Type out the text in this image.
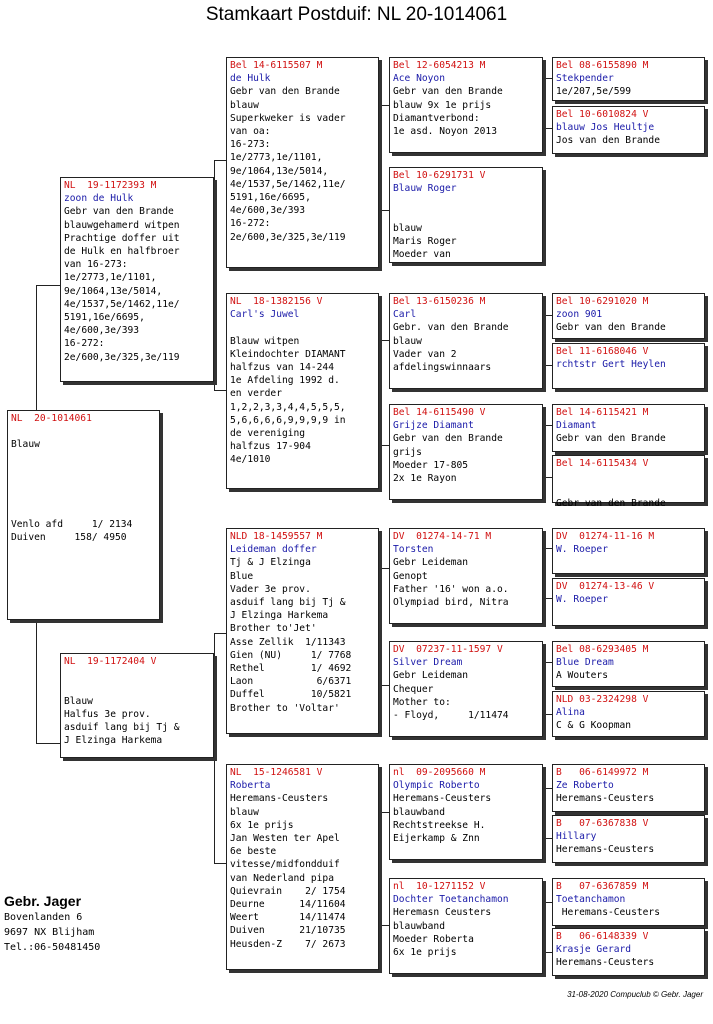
Stamkaart Postduif: NL 20-1014061
NL  20-1014061

Blauw

Venlo afd     1/ 2134
Duiven     158/ 4950
NL  19-1172393 M
zoon de Hulk
Gebr van den Brande
blauwgehamerd witpen
Prachtige doffer uit
de Hulk en halfbroer
van 16-273:
1e/2773,1e/1101,
9e/1064,13e/5014,
4e/1537,5e/1462,11e/
5191,16e/6695,
4e/600,3e/393
16-272:
2e/600,3e/325,3e/119
NL  19-1172404 V

Blauw
Halfus 3e prov.
asduif lang bij Tj &
J Elzinga Harkema
Bel 14-6115507 M
de Hulk
Gebr van den Brande
blauw
Superkweker is vader
van oa:
16-273:
1e/2773,1e/1101,
9e/1064,13e/5014,
4e/1537,5e/1462,11e/
5191,16e/6695,
4e/600,3e/393
16-272:
2e/600,3e/325,3e/119
NL  18-1382156 V
Carl's Juwel

Blauw witpen
Kleindochter DIAMANT
halfzus van 14-244
1e Afdeling 1992 d.
en verder
1,2,2,3,3,4,4,5,5,5,
5,6,6,6,6,9,9,9,9 in
de vereniging
halfzus 17-904
4e/1010
NLD 18-1459557 M
Leideman doffer
Tj & J Elzinga
Blue
Vader 3e prov.
asduif lang bij Tj &
J Elzinga Harkema
Brother to'Jet'
Asse Zellik  1/11343
Gien (NU)     1/ 7768
Rethel        1/ 4692
Laon           6/6371
Duffel        10/5821
Brother to 'Voltar'
NL  15-1246581 V
Roberta
Heremans-Ceusters
blauw
6x 1e prijs
Jan Westen ter Apel
6e beste
vitesse/midfondduif
van Nederland pipa
Quievrain    2/ 1754
Deurne      14/11604
Weert       14/11474
Duiven      21/10735
Heusden-Z    7/ 2673
Bel 12-6054213 M
Ace Noyon
Gebr van den Brande
blauw 9x 1e prijs
Diamantverbond:
1e asd. Noyon 2013
Bel 10-6291731 V
Blauw Roger

blauw
Maris Roger
Moeder van
Bel 13-6150236 M
Carl
Gebr. van den Brande
blauw
Vader van 2
afdelingswinnaars
Bel 14-6115490 V
Grijze Diamant
Gebr van den Brande
grijs
Moeder 17-805
2x 1e Rayon
DV  01274-14-71 M
Torsten
Gebr Leideman
Genopt
Father '16' won a.o.
Olympiad bird, Nitra
DV  07237-11-1597 V
Silver Dream
Gebr Leideman
Chequer
Mother to:
- Floyd,     1/11474
nl  09-2095660 M
Olympic Roberto
Heremans-Ceusters
blauwband
Rechtstreekse H.
Eijerkamp & Znn
nl  10-1271152 V
Dochter Toetanchamon
Heremasn Ceusters
blauwband
Moeder Roberta
6x 1e prijs
Bel 08-6155890 M
Stekpender
1e/207,5e/599
Bel 10-6010824 V
blauw Jos Heultje
Jos van den Brande
Bel 10-6291020 M
zoon 901
Gebr van den Brande
Bel 11-6168046 V
rchtstr Gert Heylen
Bel 14-6115421 M
Diamant
Gebr van den Brande
Bel 14-6115434 V

Gebr van den Brande
DV  01274-11-16 M
W. Roeper
DV  01274-13-46 V
W. Roeper
Bel 08-6293405 M
Blue Dream
A Wouters
NLD 03-2324298 V
Alina
C & G Koopman
B   06-6149972 M
Ze Roberto
Heremans-Ceusters
B   07-6367838 V
Hillary
Heremans-Ceusters
B   07-6367859 M
Toetanchamon
Heremans-Ceusters
B   06-6148339 V
Krasje Gerard
Heremans-Ceusters
Gebr. Jager
Bovenlanden 6
9697 NX Blijham
Tel.:06-50481450
31-08-2020 Compuclub © Gebr. Jager
